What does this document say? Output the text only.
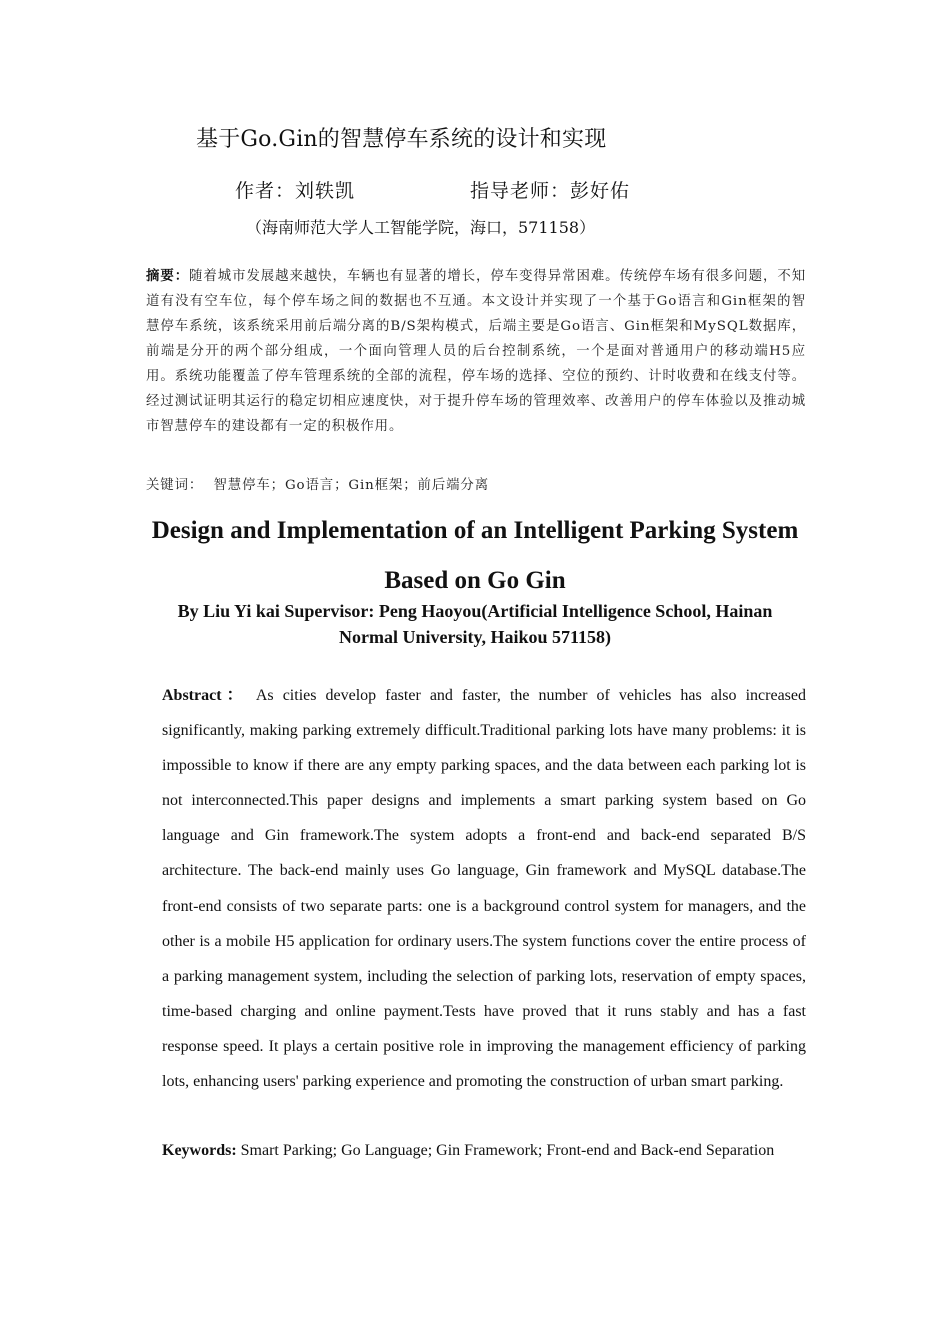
基于Go.Gin的智慧停车系统的设计和实现
作者：刘轶凯	指导老师：彭好佑
（海南师范大学人工智能学院，海口，571158）

摘要：随着城市发展越来越快，车辆也有显著的增长，停车变得异常困难。传统停车场有很多问题，不知道有没有空车位，每个停车场之间的数据也不互通。本文设计并实现了一个基于Go语言和Gin框架的智慧停车系统，该系统采用前后端分离的B/S架构模式，后端主要是Go语言、Gin框架和MySQL数据库，前端是分开的两个部分组成，一个面向管理人员的后台控制系统，一个是面对普通用户的移动端H5应用。系统功能覆盖了停车管理系统的全部的流程，停车场的选择、空位的预约、计时收费和在线支付等。经过测试证明其运行的稳定切相应速度快，对于提升停车场的管理效率、改善用户的停车体验以及推动城市智慧停车的建设都有一定的积极作用。

关键词： 智慧停车；Go语言；Gin框架；前后端分离
Design and Implementation of an Intelligent Parking System
Based on Go Gin
By Liu Yi kai Supervisor: Peng Haoyou(Artificial Intelligence School, Hainan
Normal University, Haikou 571158)

Abstract： As cities develop faster and faster, the number of vehicles has also increased significantly, making parking extremely difficult.Traditional parking lots have many problems: it is impossible to know if there are any empty parking spaces, and the data between each parking lot is not interconnected.This paper designs and implements a smart parking system based on Go language and Gin framework.The system adopts a front-end and back-end separated B/S architecture. The back-end mainly uses Go language, Gin framework and MySQL database.The front-end consists of two separate parts: one is a background control system for managers, and the other is a mobile H5 application for ordinary users.The system functions cover the entire process of a parking management system, including the selection of parking lots, reservation of empty spaces, time-based charging and online payment.Tests have proved that it runs stably and has a fast response speed. It plays a certain positive role in improving the management efficiency of parking lots, enhancing users' parking experience and promoting the construction of urban smart parking.

Keywords: Smart Parking; Go Language; Gin Framework; Front-end and Back-end Separation
